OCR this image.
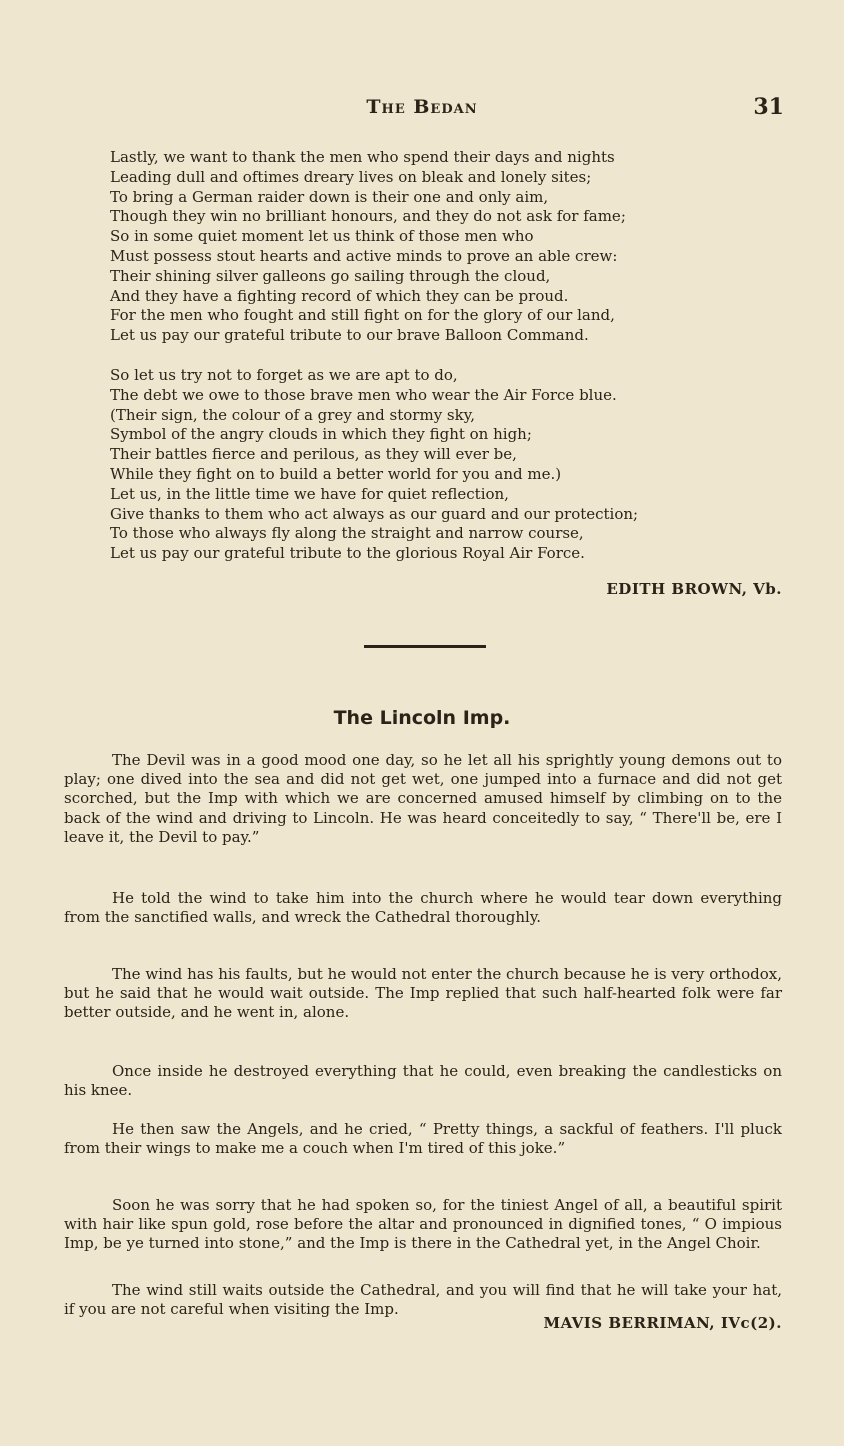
The Bedan	31
Lastly, we want to thank the men who spend their days and nights
Leading dull and oftimes dreary lives on bleak and lonely sites;
To bring a German raider down is their one and only aim,
Though they win no brilliant honours, and they do not ask for fame;
So in some quiet moment let us think of those men who
Must possess stout hearts and active minds to prove an able crew:
Their shining silver galleons go sailing through the cloud,
And they have a fighting record of which they can be proud.
For the men who fought and still fight on for the glory of our land,
Let us pay our grateful tribute to our brave Balloon Command.
So let us try not to forget as we are apt to do,
The debt we owe to those brave men who wear the Air Force blue.
(Their sign, the colour of a grey and stormy sky,
Symbol of the angry clouds in which they fight on high;
Their battles fierce and perilous, as they will ever be,
While they fight on to build a better world for you and me.)
Let us, in the little time we have for quiet reflection,
Give thanks to them who act always as our guard and our protection;
To those who always fly along the straight and narrow course,
Let us pay our grateful tribute to the glorious Royal Air Force.
EDITH BROWN, Vb.
The Lincoln Imp.

The Devil was in a good mood one day, so he let all his sprightly young demons out to play; one dived into the sea and did not get wet, one jumped into a furnace and did not get scorched, but the Imp with which we are concerned amused himself by climbing on to the back of the wind and driving to Lincoln. He was heard conceitedly to say, “ There'll be, ere I leave it, the Devil to pay.”

He told the wind to take him into the church where he would tear down everything from the sanctified walls, and wreck the Cathedral thoroughly.

The wind has his faults, but he would not enter the church because he is very orthodox, but he said that he would wait outside. The Imp replied that such half-hearted folk were far better outside, and he went in, alone.

Once inside he destroyed everything that he could, even breaking the candlesticks on his knee.

He then saw the Angels, and he cried, “ Pretty things, a sackful of feathers. I'll pluck from their wings to make me a couch when I'm tired of this joke.”

Soon he was sorry that he had spoken so, for the tiniest Angel of all, a beautiful spirit with hair like spun gold, rose before the altar and pronounced in dignified tones, “ O impious Imp, be ye turned into stone,” and the Imp is there in the Cathedral yet, in the Angel Choir.

The wind still waits outside the Cathedral, and you will find that he will take your hat, if you are not careful when visiting the Imp.

MAVIS BERRIMAN, IVc(2).
